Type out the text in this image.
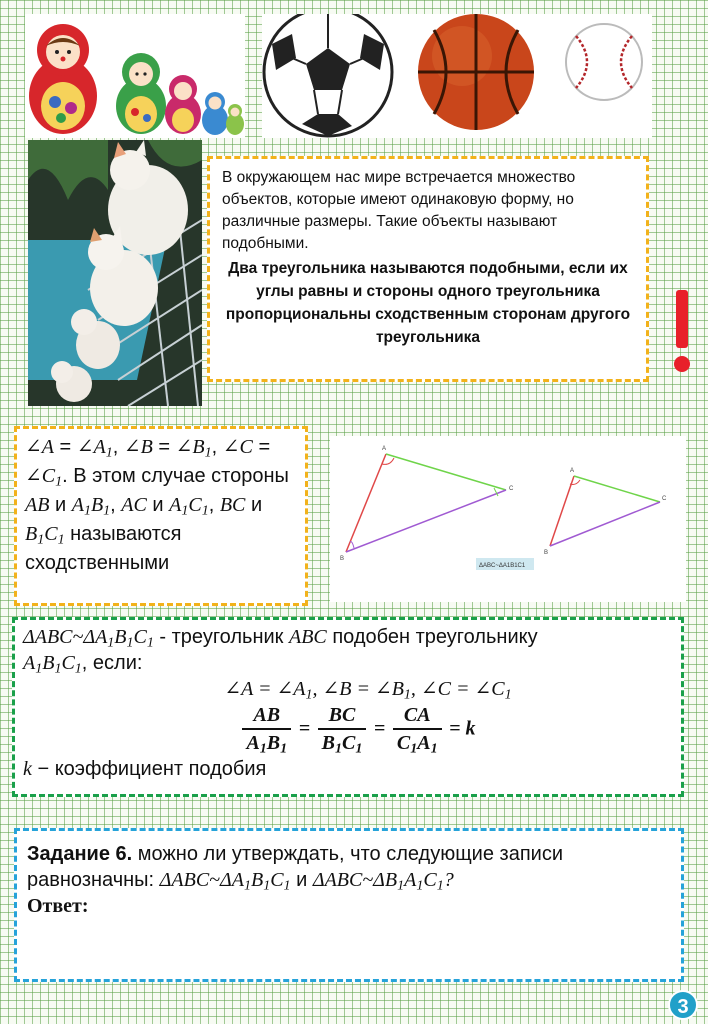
В окружающем нас мире встречается множество объектов, которые имеют одинаковую форму, но различные размеры. Такие объекты называют подобными.
Два треугольника называются подобными, если их углы равны и стороны одного треугольника пропорциональны сходственным сторонам другого треугольника
∠A = $\angle A_1$, ∠B = $\angle B_1$, ∠C = $\angle C_1$. В этом случае стороны AB и $A_1B_1$, AC и $A_1C_1$, BC и $B_1C_1$ называются сходственными
A
B
C
A
B
C
ΔABC~ΔA1B1C1
$\Delta ABC\sim\Delta A_1B_1C_1$ - треугольник ABC подобен треугольнику
$A_1B_1C_1$, если:
∠A = $\angle A_1$, ∠B = $\angle B_1$, ∠C = $\angle C_1$
$\frac{AB}{A_1B_1} = \frac{BC}{B_1C_1} = \frac{CA}{C_1A_1} = k$
k − коэффициент подобия
Задание 6. можно ли утверждать, что следующие записи равнозначны: $\Delta ABC\sim\Delta A_1B_1C_1$ и $\Delta ABC\sim\Delta B_1A_1C_1$?
Ответ:
3
